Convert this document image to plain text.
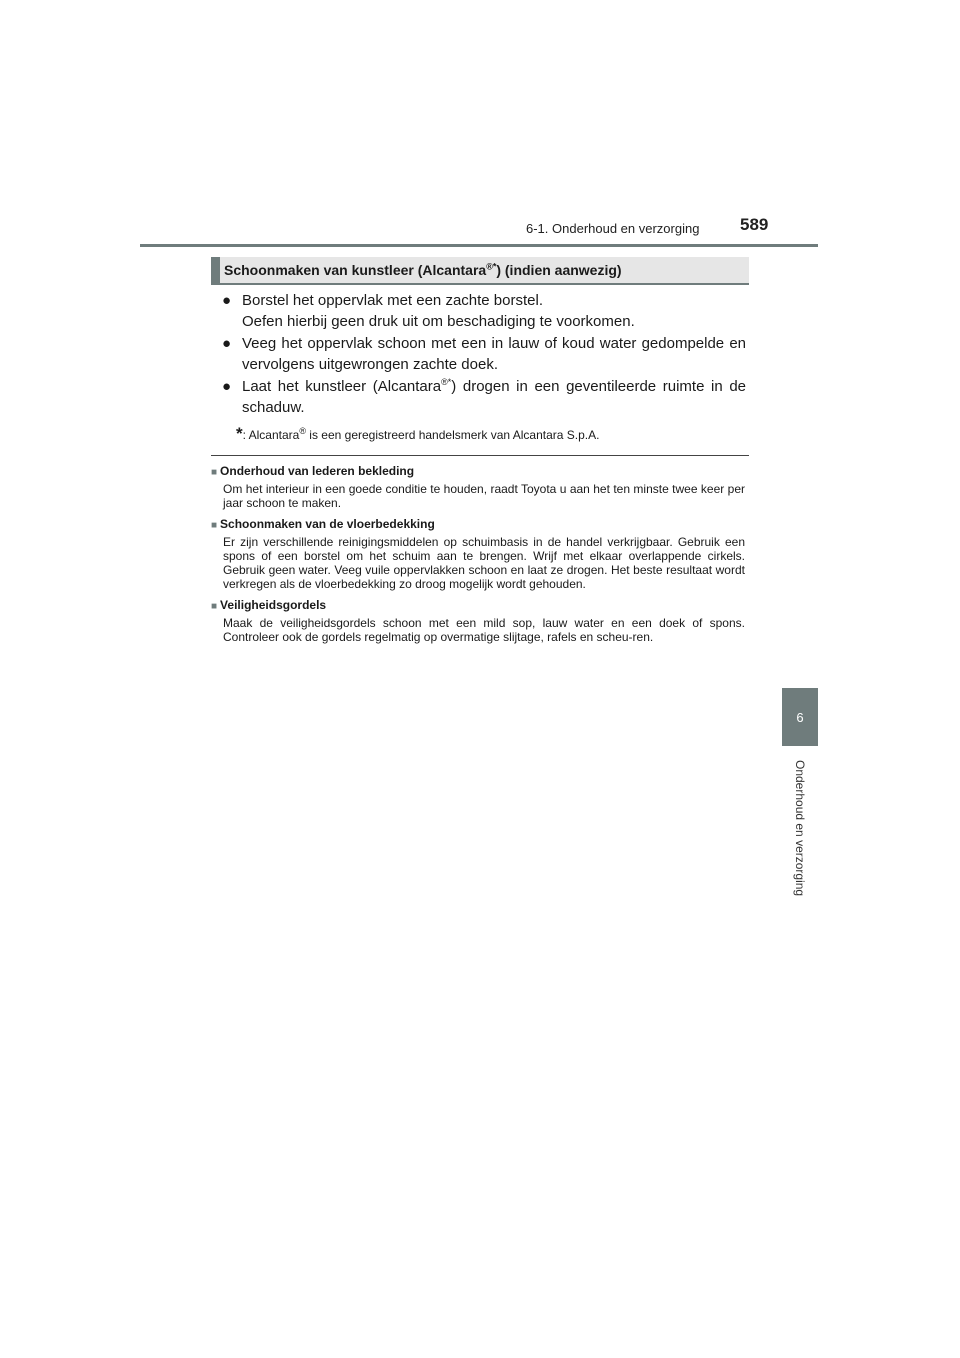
6-1. Onderhoud en verzorging 589
6
Onderhoud en verzorging
Schoonmaken van kunstleer (Alcantara®*) (indien aanwezig)
● Borstel het oppervlak met een zachte borstel.

Oefen hierbij geen druk uit om beschadiging te voorkomen.

● Veeg het oppervlak schoon met een in lauw of koud water gedompelde en vervolgens uitgewrongen zachte doek.

● Laat het kunstleer (Alcantara®*) drogen in een geventileerde ruimte in de schaduw.

*: Alcantara® is een geregistreerd handelsmerk van Alcantara S.p.A.
■ Onderhoud van lederen bekleding

Om het interieur in een goede conditie te houden, raadt Toyota u aan het ten minste twee keer per jaar schoon te maken.

■ Schoonmaken van de vloerbedekking

Er zijn verschillende reinigingsmiddelen op schuimbasis in de handel verkrijgbaar. Gebruik een spons of een borstel om het schuim aan te brengen. Wrijf met elkaar overlappende cirkels. Gebruik geen water. Veeg vuile oppervlakken schoon en laat ze drogen. Het beste resultaat wordt verkregen als de vloerbedekking zo droog mogelijk wordt gehouden.

■ Veiligheidsgordels

Maak de veiligheidsgordels schoon met een mild sop, lauw water en een doek of spons. Controleer ook de gordels regelmatig op overmatige slijtage, rafels en scheu-ren.
